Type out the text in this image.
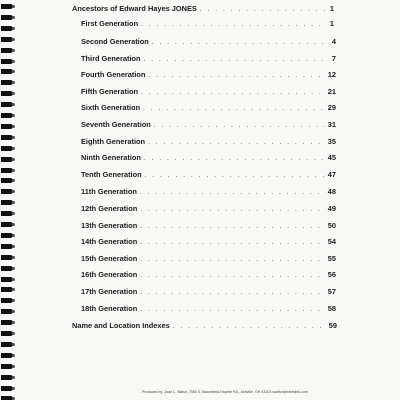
Ancestors of Edward Hayes JONES . . .	1
First Generation . . .	1
Second Generation . . .	4
Third Generation . . .	7
Fourth Generation . . .	12
Fifth Generation . . .	21
Sixth Generation . . .	29
Seventh Generation . . .	31
Eighth Generation . . .	35
Ninth Generation . . .	45
Tenth Generation . . .	47
11th Generation . . .	48
12th Generation . . .	49
13th Generation . . .	50
14th Generation . . .	54
15th Generation . . .	55
16th Generation . . .	56
17th Generation . . .	57
18th Generation . . .	58
Name and Location Indexes . . .	59
Produced by: Joan L. Walsh, 7550 S. Bloomfield-Fayette Rd., Ashville, OH 43103 waltfor@earthlink.com
